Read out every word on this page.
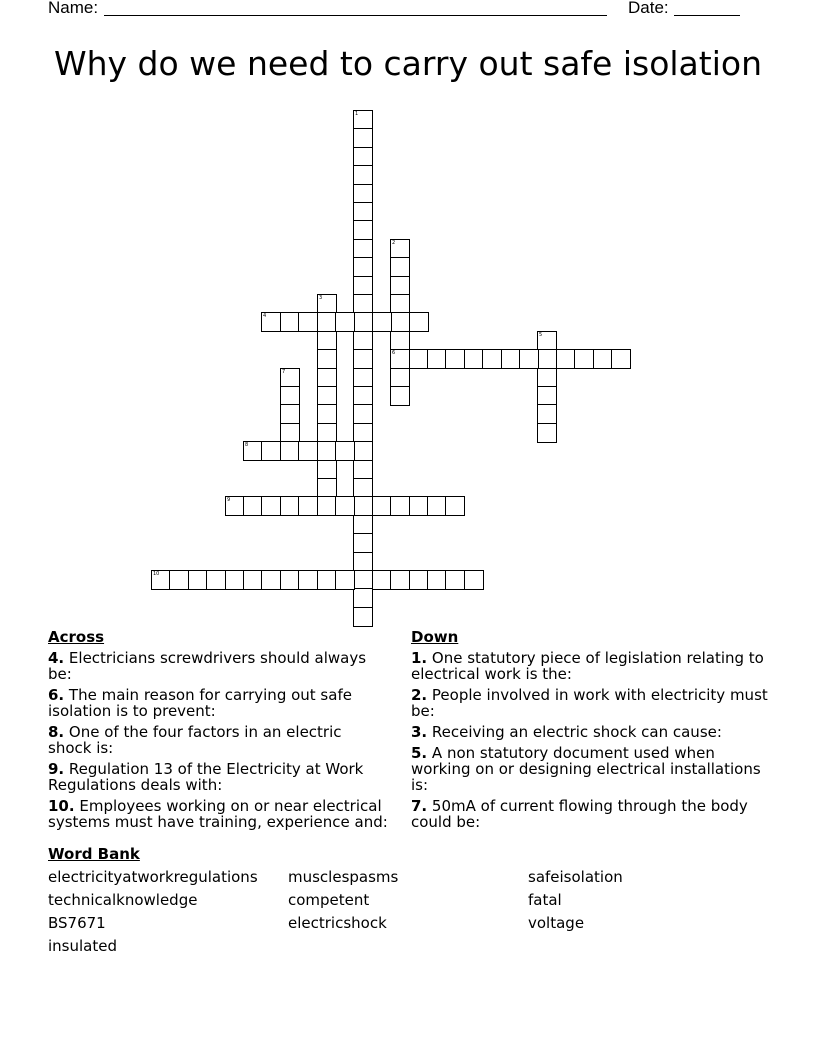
Name:	Date:
Why do we need to carry out safe isolation
1
2
6
3
4
5
7
8
9
10
Across
4. Electricians screwdrivers should always be:
6. The main reason for carrying out safe isolation is to prevent:
8. One of the four factors in an electric shock is:
9. Regulation 13 of the Electricity at Work Regulations deals with:
10. Employees working on or near electrical systems must have training, experience and:
Down
1. One statutory piece of legislation relating to electrical work is the:
2. People involved in work with electricity must be:
3. Receiving an electric shock can cause:
5. A non statutory document used when working on or designing electrical installations is:
7. 50mA of current flowing through the body could be:
Word Bank
electricityatworkregulations
technicalknowledge
BS7671
insulated
musclespasms
competent
electricshock
safeisolation
fatal
voltage
